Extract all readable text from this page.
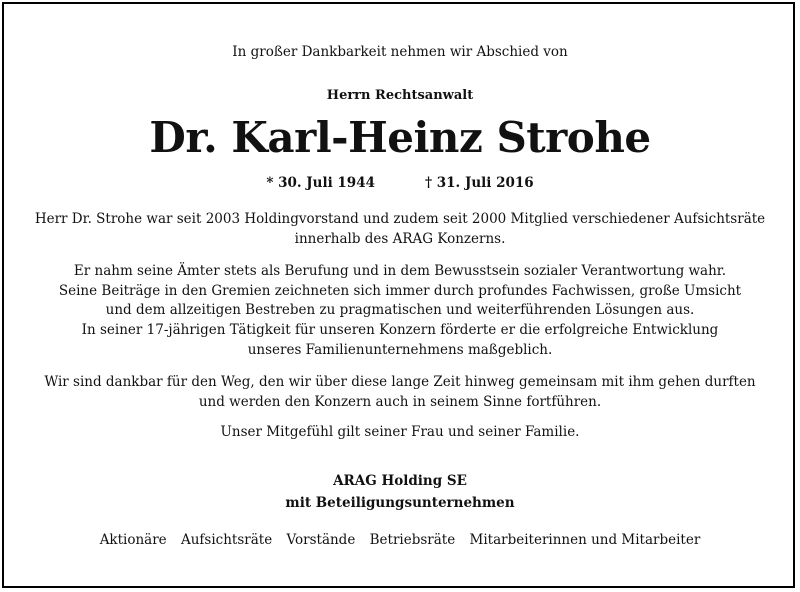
In großer Dankbarkeit nehmen wir Abschied von
Herrn Rechtsanwalt
Dr. Karl-Heinz Strohe
* 30. Juli 1944	† 31. Juli 2016
Herr Dr. Strohe war seit 2003 Holdingvorstand und zudem seit 2000 Mitglied verschiedener Aufsichtsräte
innerhalb des ARAG Konzerns.
Er nahm seine Ämter stets als Berufung und in dem Bewusstsein sozialer Verantwortung wahr.
Seine Beiträge in den Gremien zeichneten sich immer durch profundes Fachwissen, große Umsicht
und dem allzeitigen Bestreben zu pragmatischen und weiterführenden Lösungen aus.
In seiner 17-jährigen Tätigkeit für unseren Konzern förderte er die erfolgreiche Entwicklung
unseres Familienunternehmens maßgeblich.
Wir sind dankbar für den Weg, den wir über diese lange Zeit hinweg gemeinsam mit ihm gehen durften
und werden den Konzern auch in seinem Sinne fortführen.
Unser Mitgefühl gilt seiner Frau und seiner Familie.
ARAG Holding SE
mit Beteiligungsunternehmen
Aktionäre Aufsichtsräte Vorstände Betriebsräte Mitarbeiterinnen und Mitarbeiter
